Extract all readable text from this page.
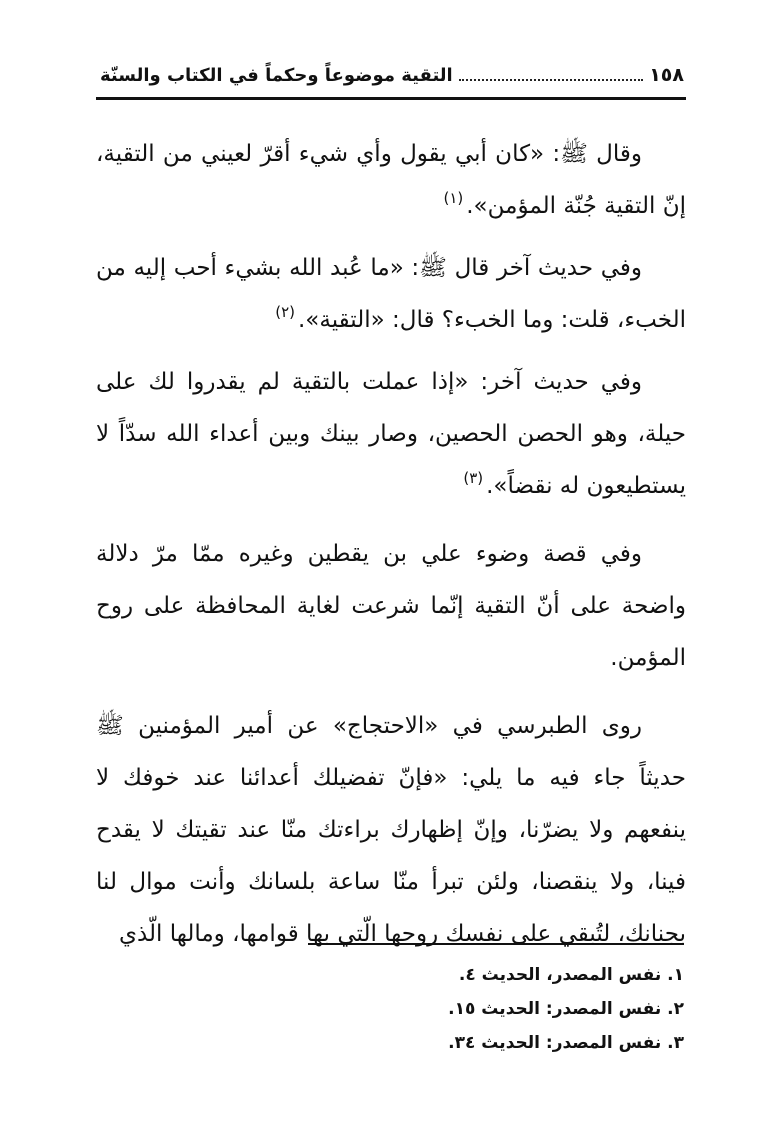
١٥٨
التقية موضوعاً وحكماً في الكتاب والسنّة

وقال ﷺ: «كان أبي يقول وأي شيء أقرّ لعيني من التقية، إنّ التقية جُنّة المؤمن».$^{(١)}$

وفي حديث آخر قال ﷺ: «ما عُبد الله بشيء أحب إليه من الخبء، قلت: وما الخبء؟ قال: «التقية».$^{(٢)}$

وفي حديث آخر: «إذا عملت بالتقية لم يقدروا لك على حيلة، وهو الحصن الحصين، وصار بينك وبين أعداء الله سدّاً لا يستطيعون له نقضاً».$^{(٣)}$

وفي قصة وضوء علي بن يقطين وغيره ممّا مرّ دلالة واضحة على أنّ التقية إنّما شرعت لغاية المحافظة على روح المؤمن.

روى الطبرسي في «الاحتجاج» عن أمير المؤمنين ﷺ حديثاً جاء فيه ما يلي: «فإنّ تفضيلك أعدائنا عند خوفك لا ينفعهم ولا يضرّنا، وإنّ إظهارك براءتك منّا عند تقيتك لا يقدح فينا، ولا ينقصنا، ولئن تبرأ منّا ساعة بلسانك وأنت موال لنا بجنانك، لتُبقي على نفسك روحها الّتي بها قوامها، ومالها الّذي

١. نفس المصدر، الحديث ٤.

٢. نفس المصدر: الحديث ١٥.

٣. نفس المصدر: الحديث ٣٤.
